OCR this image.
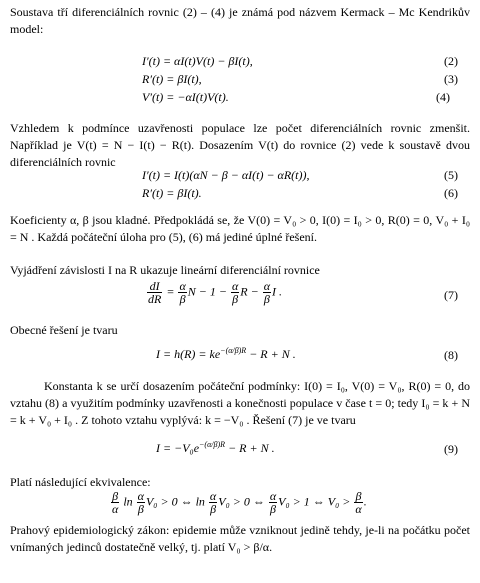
Soustava tří diferenciálních rovnic (2) – (4) je známá pod názvem Kermack – Mc Kendrikův model:

I′(t) = αI(t)V(t) − βI(t),	(2)
R′(t) = βI(t),	(3)
V′(t) = −αI(t)V(t).	(4)

Vzhledem k podmínce uzavřenosti populace lze počet diferenciálních rovnic zmenšit. Například je V(t) = N − I(t) − R(t). Dosazením V(t) do rovnice (2) vede k soustavě dvou diferenciálních rovnic

I′(t) = I(t)(αN − β − αI(t) − αR(t)),	(5)
R′(t) = βI(t).	(6)

Koeficienty α, β jsou kladné. Předpokládá se, že V(0) = V₀ > 0, I(0) = I₀ > 0, R(0) = 0, V₀ + I₀ = N . Každá počáteční úloha pro (5), (6) má jediné úplné řešení.

Vyjádření závislosti I na R ukazuje lineární diferenciální rovnice

$\frac{dI}{dR} = \frac{\alpha}{\beta}$ $N - 1 - \frac{\alpha}{\beta}$ $R - \frac{\alpha}{\beta}$ I .	(7)

Obecné řešení je tvaru

$I = h(R) = ke^{-(\alpha/\beta)R} - R + N$ .	(8)

Konstanta k se určí dosazením počáteční podmínky: I(0) = I₀, V(0) = V₀, R(0) = 0, do vztahu (8) a využitím podmínky uzavřenosti a konečnosti populace v čase t = 0; tedy I₀ = k + N = k + V₀ + I₀ . Z tohoto vztahu vyplývá: k = −V₀ . Řešení (7) je ve tvaru

$I = -V_0e^{-(\alpha/\beta)R} - R + N$ .	(9)

Platí následující ekvivalence:

$\frac{\beta}{\alpha}$ $\ln \frac{\alpha}{\beta} V_0 > 0$ ⇔ $\ln \frac{\alpha}{\beta} V_0 > 0$ ⇔ $\frac{\alpha}{\beta} V_0 > 1$ ⇔ $V_0 > \frac{\beta}{\alpha}$ .

Prahový epidemiologický zákon: epidemie může vzniknout jedině tehdy, je-li na počátku počet vnímaných jedinců dostatečně velký, tj. platí V₀ > β/α.
